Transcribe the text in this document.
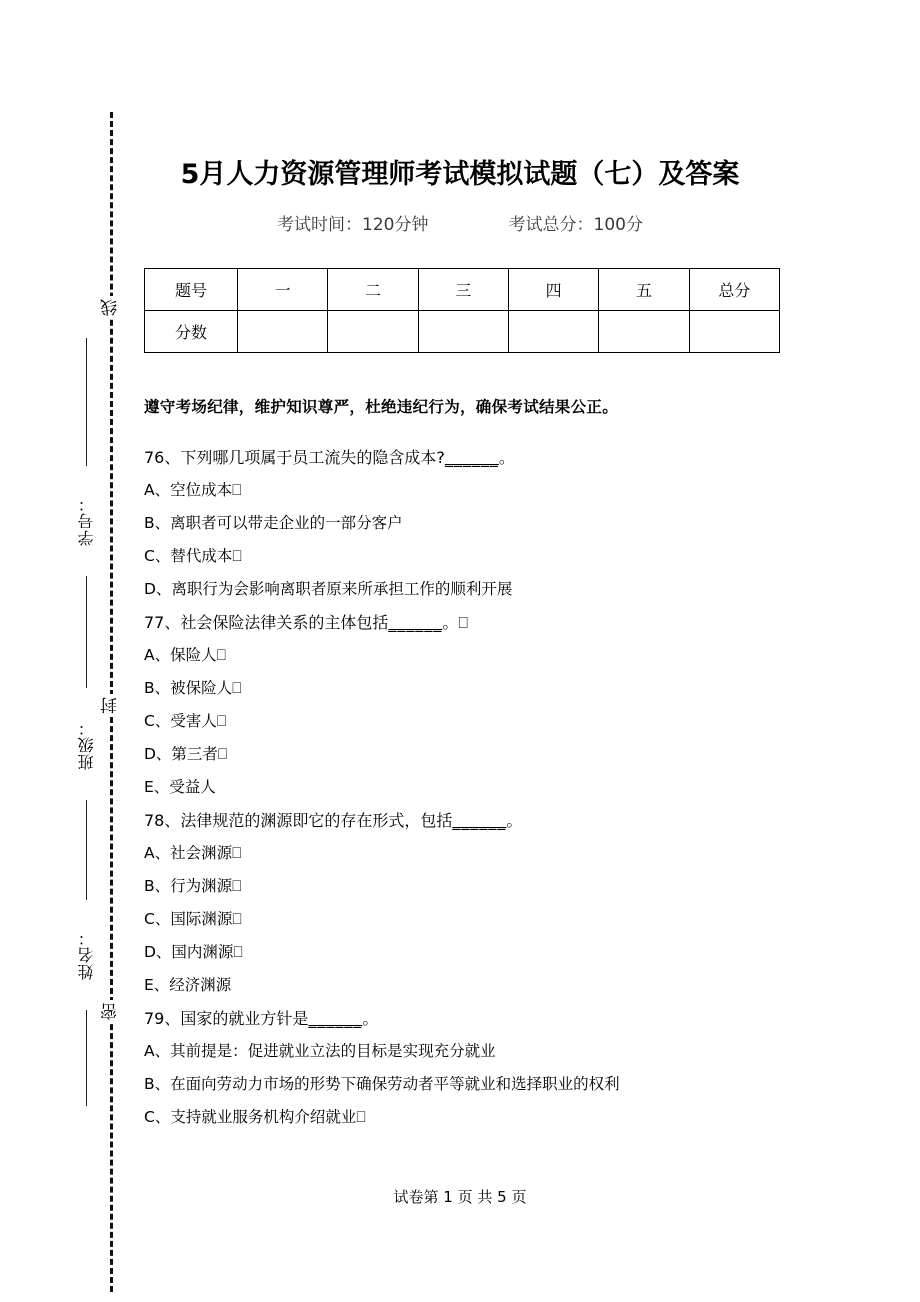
线
封
密
学号：
班级：
姓名：
5月人力资源管理师考试模拟试题（七）及答案
考试时间：120分钟	考试总分：100分
题号	一	二	三	四	五	总分
分数						
遵守考场纪律，维护知识尊严，杜绝违纪行为，确保考试结果公正。
76、下列哪几项属于员工流失的隐含成本?______。
A、空位成本⎕
B、离职者可以带走企业的一部分客户
C、替代成本⎕
D、离职行为会影响离职者原来所承担工作的顺利开展
77、社会保险法律关系的主体包括______。⎕
A、保险人⎕
B、被保险人⎕
C、受害人⎕
D、第三者⎕
E、受益人
78、法律规范的渊源即它的存在形式，包括______。
A、社会渊源⎕
B、行为渊源⎕
C、国际渊源⎕
D、国内渊源⎕
E、经济渊源
79、国家的就业方针是______。
A、其前提是：促进就业立法的目标是实现充分就业
B、在面向劳动力市场的形势下确保劳动者平等就业和选择职业的权利
C、支持就业服务机构介绍就业⎕
试卷第 1 页 共 5 页
